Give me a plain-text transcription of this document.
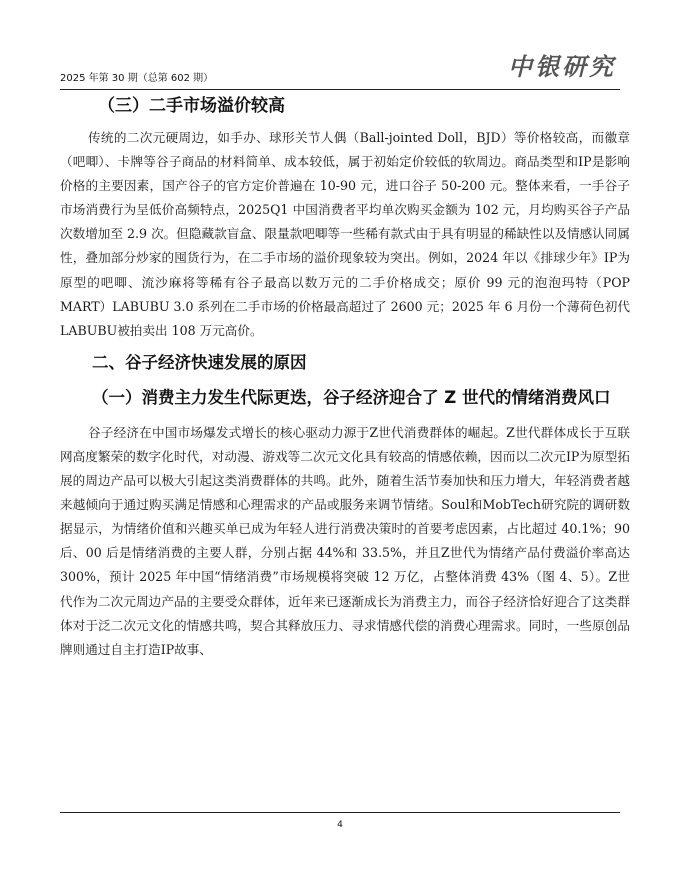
2025 年第 30 期（总第 602 期）	中银研究

（三）二手市场溢价较高

传统的二次元硬周边，如手办、球形关节人偶（Ball-jointed Doll，BJD）等价格较高，而徽章（吧唧）、卡牌等谷子商品的材料简单、成本较低，属于初始定价较低的软周边。商品类型和IP是影响价格的主要因素，国产谷子的官方定价普遍在 10-90 元，进口谷子 50-200 元。整体来看，一手谷子市场消费行为呈低价高频特点，2025Q1 中国消费者平均单次购买金额为 102 元，月均购买谷子产品次数增加至 2.9 次。但隐藏款盲盒、限量款吧唧等一些稀有款式由于具有明显的稀缺性以及情感认同属性，叠加部分炒家的囤货行为，在二手市场的溢价现象较为突出。例如，2024 年以《排球少年》IP为原型的吧唧、流沙麻将等稀有谷子最高以数万元的二手价格成交；原价 99 元的泡泡玛特（POP MART）LABUBU 3.0 系列在二手市场的价格最高超过了 2600 元；2025 年 6 月份一个薄荷色初代LABUBU被拍卖出 108 万元高价。

二、谷子经济快速发展的原因

（一）消费主力发生代际更迭，谷子经济迎合了 Z 世代的情绪消费风口

谷子经济在中国市场爆发式增长的核心驱动力源于Z世代消费群体的崛起。Z世代群体成长于互联网高度繁荣的数字化时代，对动漫、游戏等二次元文化具有较高的情感依赖，因而以二次元IP为原型拓展的周边产品可以极大引起这类消费群体的共鸣。此外，随着生活节奏加快和压力增大，年轻消费者越来越倾向于通过购买满足情感和心理需求的产品或服务来调节情绪。Soul和MobTech研究院的调研数据显示，为情绪价值和兴趣买单已成为年轻人进行消费决策时的首要考虑因素，占比超过 40.1%；90 后、00 后是情绪消费的主要人群，分别占据 44%和 33.5%，并且Z世代为情绪产品付费溢价率高达 300%，预计 2025 年中国“情绪消费”市场规模将突破 12 万亿，占整体消费 43%（图 4、5）。Z世代作为二次元周边产品的主要受众群体，近年来已逐渐成长为消费主力，而谷子经济恰好迎合了这类群体对于泛二次元文化的情感共鸣，契合其释放压力、寻求情感代偿的消费心理需求。同时，一些原创品牌则通过自主打造IP故事、

4
